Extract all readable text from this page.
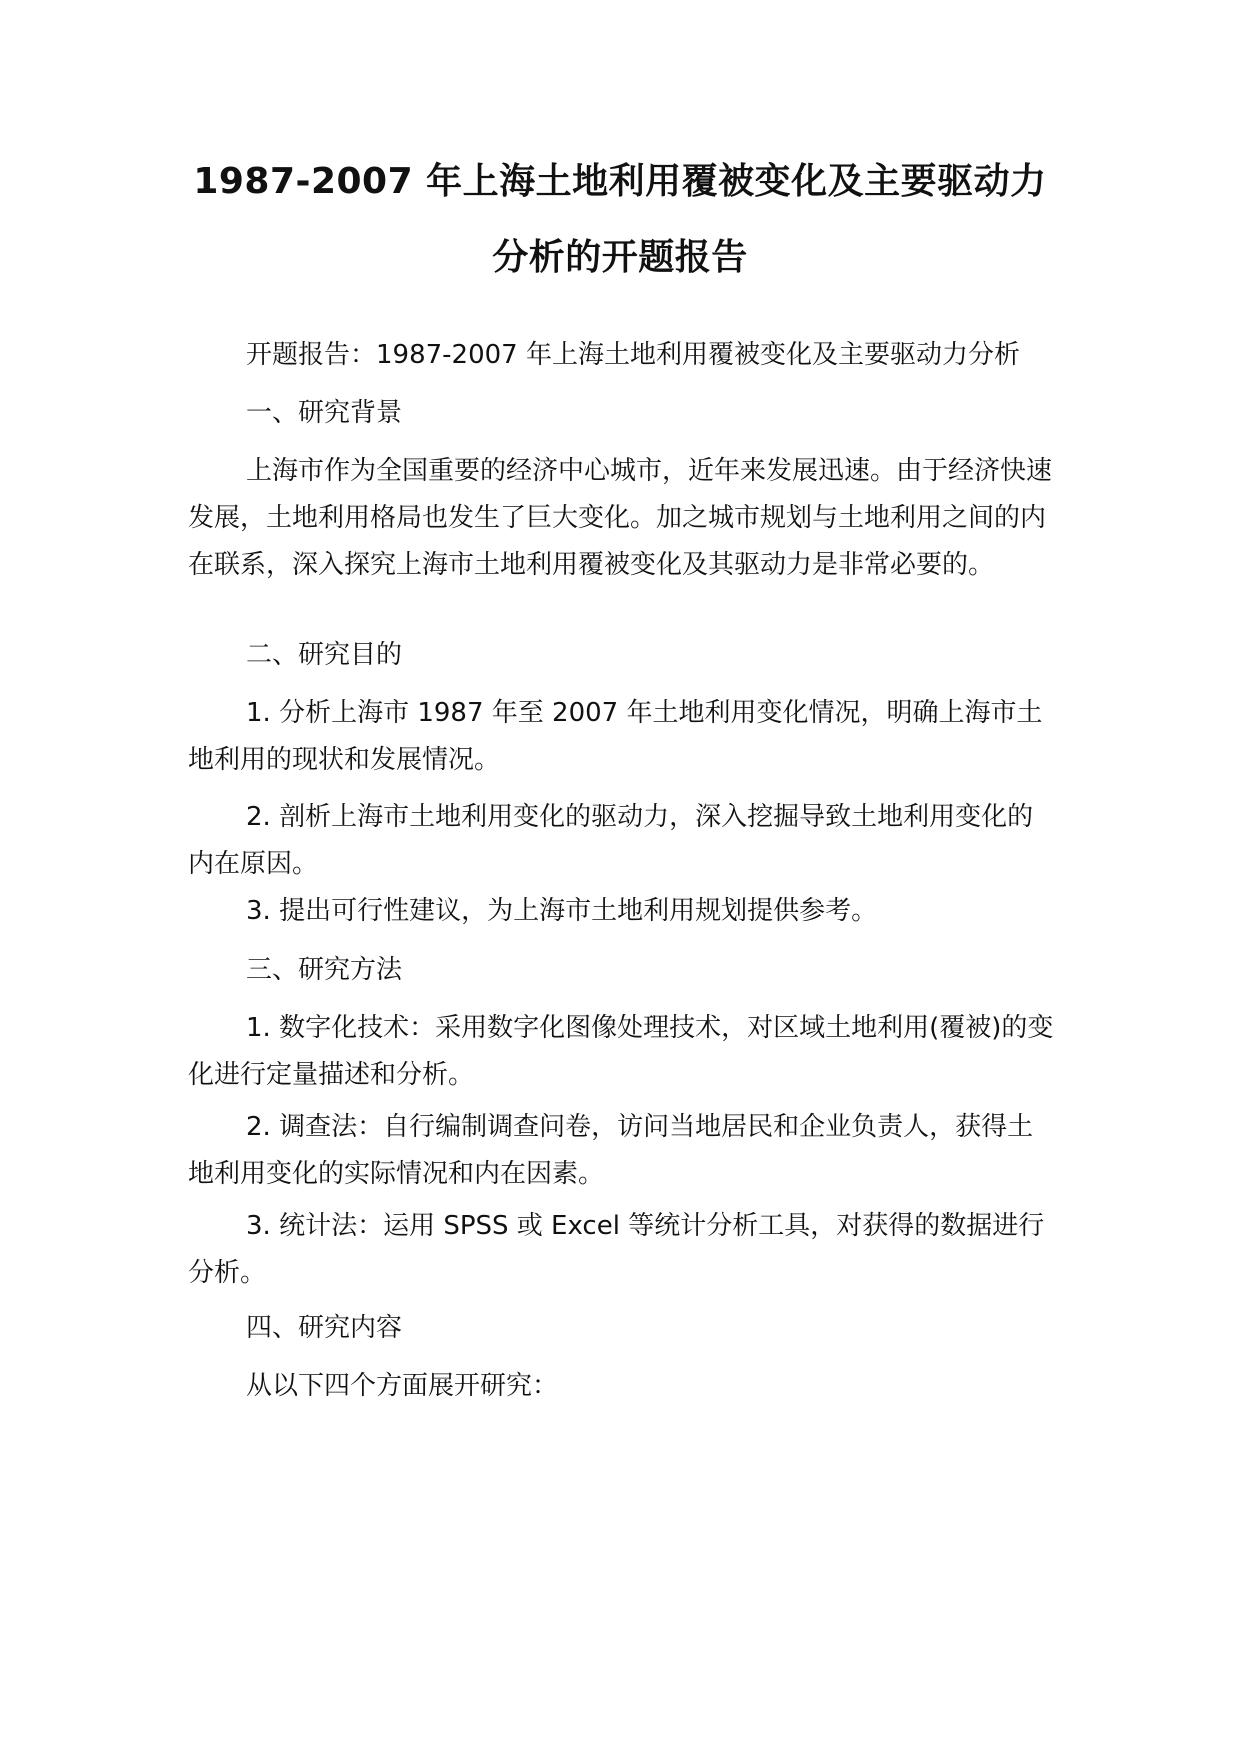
1987-2007 年上海土地利用覆被变化及主要驱动力
分析的开题报告

开题报告：1987-2007 年上海土地利用覆被变化及主要驱动力分析

一、研究背景

上海市作为全国重要的经济中心城市，近年来发展迅速。由于经济快速发展，土地利用格局也发生了巨大变化。加之城市规划与土地利用之间的内在联系，深入探究上海市土地利用覆被变化及其驱动力是非常必要的。

二、研究目的

1. 分析上海市 1987 年至 2007 年土地利用变化情况，明确上海市土地利用的现状和发展情况。

2. 剖析上海市土地利用变化的驱动力，深入挖掘导致土地利用变化的内在原因。

3. 提出可行性建议，为上海市土地利用规划提供参考。

三、研究方法

1. 数字化技术：采用数字化图像处理技术，对区域土地利用(覆被)的变化进行定量描述和分析。

2. 调查法：自行编制调查问卷，访问当地居民和企业负责人，获得土地利用变化的实际情况和内在因素。

3. 统计法：运用 SPSS 或 Excel 等统计分析工具，对获得的数据进行分析。

四、研究内容

从以下四个方面展开研究：
